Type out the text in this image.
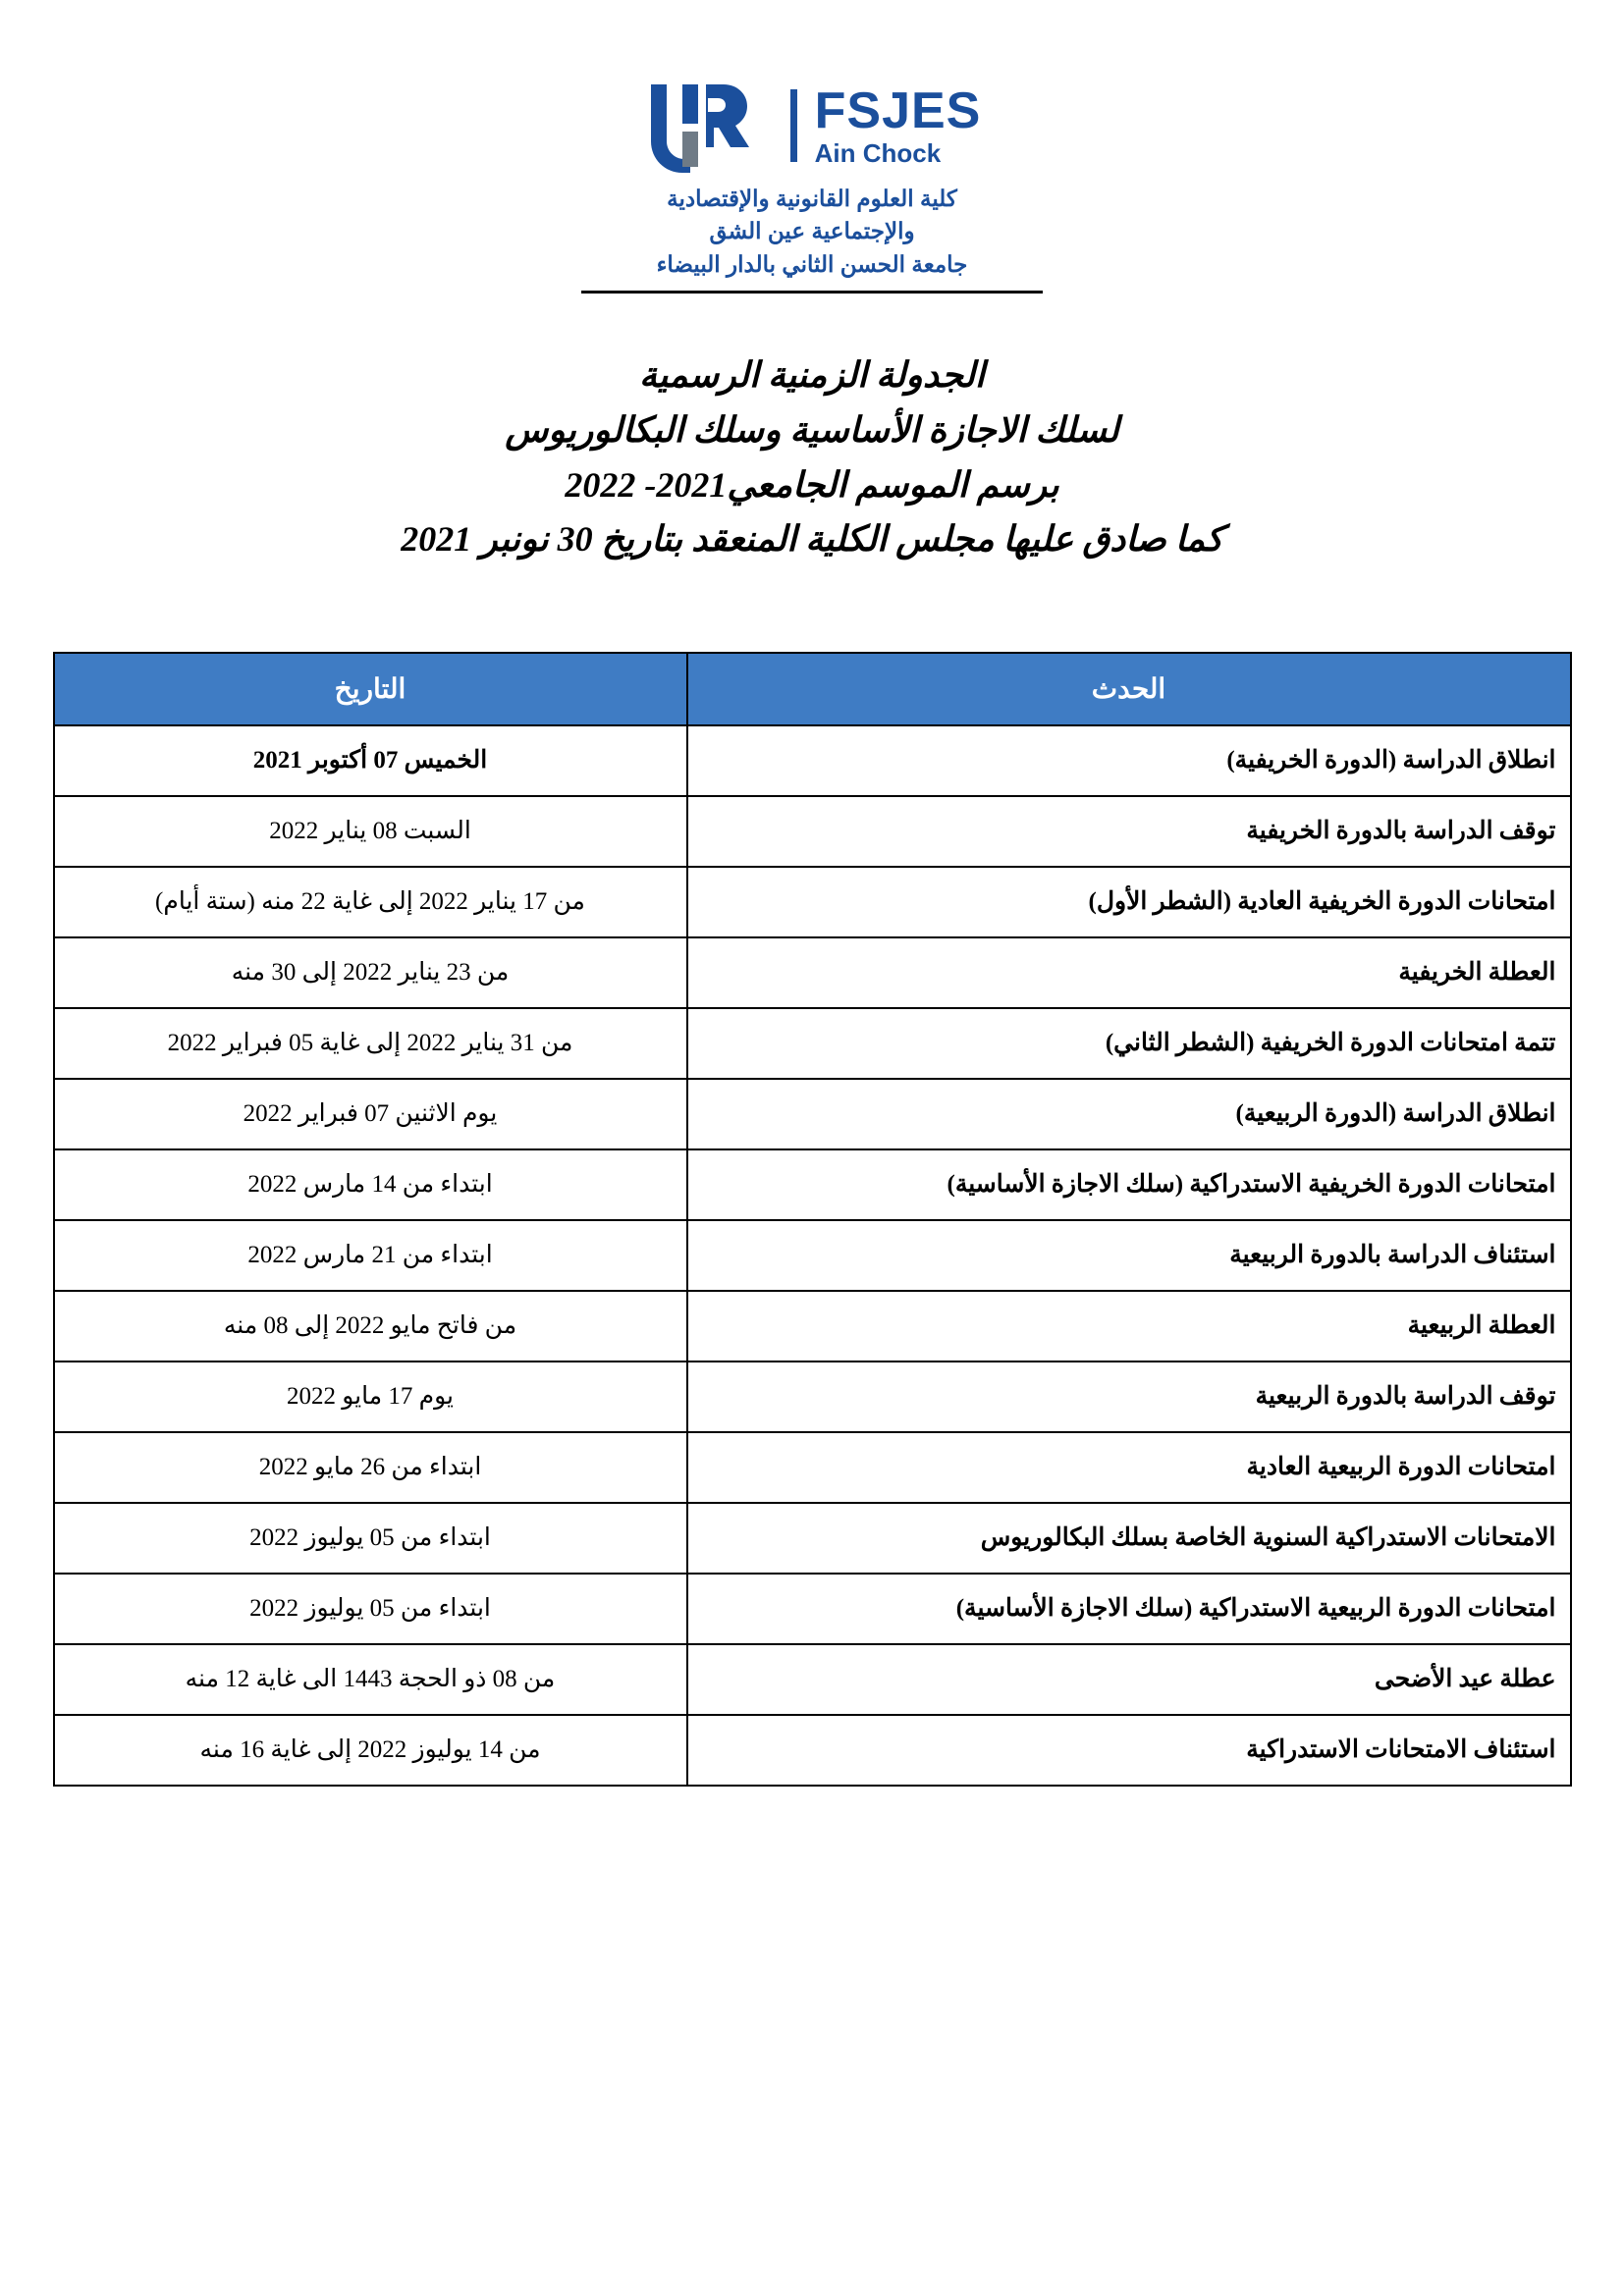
FSJES
Ain Chock
كلية العلوم القانونية والإقتصادية
والإجتماعية عين الشق
جامعة الحسن الثاني بالدار البيضاء
الجدولة الزمنية الرسمية
لسلك الاجازة الأساسية وسلك البكالوريوس
برسم الموسم الجامعي2021- 2022
كما صادق عليها مجلس الكلية المنعقد بتاريخ 30 نونبر 2021
الحدث	التاريخ
انطلاق الدراسة (الدورة الخريفية)	الخميس 07 أكتوبر 2021
توقف الدراسة بالدورة الخريفية	السبت 08 يناير 2022
امتحانات الدورة الخريفية العادية (الشطر الأول)	من 17 يناير 2022 إلى غاية 22 منه (ستة أيام)
العطلة الخريفية	من 23 يناير 2022 إلى 30 منه
تتمة امتحانات الدورة الخريفية (الشطر الثاني)	من 31 يناير 2022 إلى غاية 05 فبراير 2022
انطلاق الدراسة (الدورة الربيعية)	يوم الاثنين 07 فبراير 2022
امتحانات الدورة الخريفية الاستدراكية (سلك الاجازة الأساسية)	ابتداء من 14 مارس 2022
استئناف الدراسة بالدورة الربيعية	ابتداء من 21 مارس 2022
العطلة الربيعية	من فاتح مايو 2022 إلى 08 منه
توقف الدراسة بالدورة الربيعية	يوم 17 مايو 2022
امتحانات الدورة الربيعية العادية	ابتداء من 26 مايو 2022
الامتحانات الاستدراكية السنوية الخاصة بسلك البكالوريوس	ابتداء من 05 يوليوز 2022
امتحانات الدورة الربيعية الاستدراكية (سلك الاجازة الأساسية)	ابتداء من 05 يوليوز 2022
عطلة عيد الأضحى	من 08 ذو الحجة 1443 الى غاية 12 منه
استئناف الامتحانات الاستدراكية	من 14 يوليوز 2022 إلى غاية 16 منه
